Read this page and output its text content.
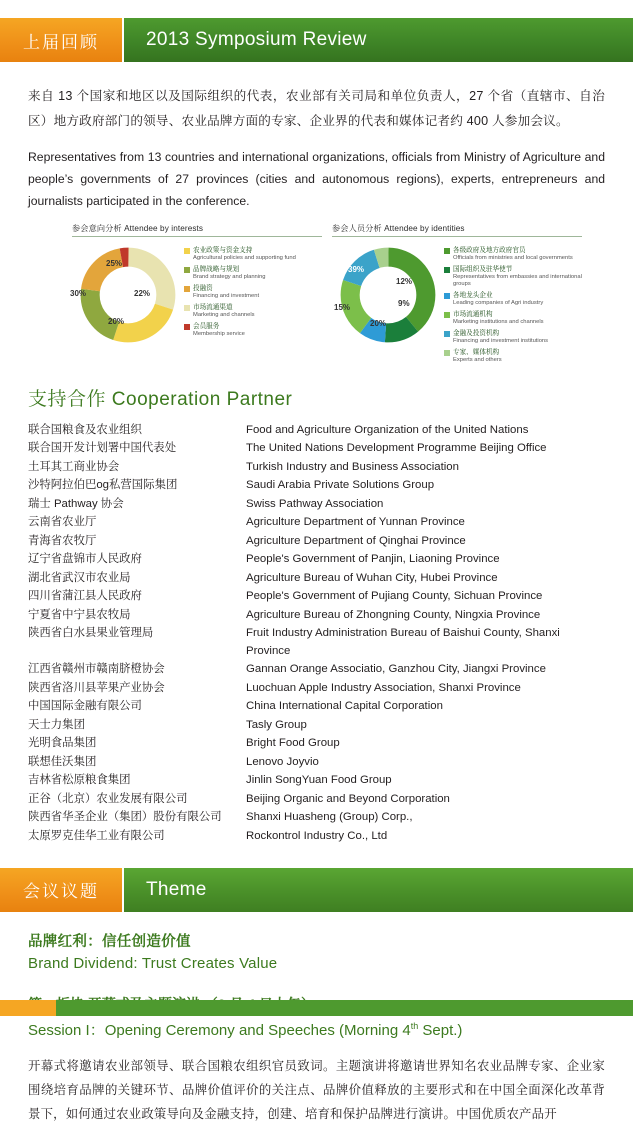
上届回顾	2013 Symposium Review

来自 13 个国家和地区以及国际组织的代表，农业部有关司局和单位负责人，27 个省（直辖市、自治区）地方政府部门的领导、农业品牌方面的专家、企业界的代表和媒体记者约 400 人参加会议。

Representatives from 13 countries and international organizations, officials from Ministry of Agriculture and people’s governments of 27 provinces (cities and autonomous regions), experts, entrepreneurs and journalists participated in the conference.

参会意向分析 Attendee by interests
25%
22%
20%
30%
农业政策与资金支持
Agricultural policies and supporting fund
品牌战略与规划
Brand strategy and planning
投融资
Financing and investment
市场流通渠道
Marketing and channels
会员服务
Membership service
参会人员分析 Attendee by identities
39%
12%
9%
20%
15%
各级政府及地方政府官员
Officials from ministries and local governments
国际组织及驻华使节
Representatives from embassies and international groups
各地龙头企业
Leading companies of Agri industry
市场流通机构
Marketing institutions and channels
金融及投资机构
Financing and investment institutions
专家、媒体机构
Experts and others
支持合作 Cooperation Partner
联合国粮食及农业组织	Food and Agriculture Organization of the United Nations
联合国开发计划署中国代表处	The United Nations Development Programme Beijing Office
土耳其工商业协会	Turkish Industry and Business Association
沙特阿拉伯巴og私营国际集团	Saudi Arabia Private Solutions Group
瑞士 Pathway 协会	Swiss Pathway Association
云南省农业厅	Agriculture Department of Yunnan Province
青海省农牧厅	Agriculture Department of Qinghai Province
辽宁省盘锦市人民政府	People's Government of Panjin, Liaoning Province
湖北省武汉市农业局	Agriculture Bureau of Wuhan City, Hubei Province
四川省蒲江县人民政府	People's Government of Pujiang County, Sichuan Province
宁夏省中宁县农牧局	Agriculture Bureau of Zhongning County, Ningxia Province
陕西省白水县果业管理局	Fruit Industry Administration Bureau of Baishui County, Shanxi Province
江西省赣州市赣南脐橙协会	Gannan Orange Associatio, Ganzhou City, Jiangxi Province
陕西省洛川县苹果产业协会	Luochuan Apple Industry Association, Shanxi Province
中国国际金融有限公司	China International Capital Corporation
天士力集团	Tasly Group
光明食品集团	Bright Food Group
联想佳沃集团	Lenovo Joyvio
吉林省松原粮食集团	Jinlin SongYuan Food Group
正谷（北京）农业发展有限公司	Beijing Organic and Beyond Corporation
陕西省华圣企业（集团）股份有限公司	Shanxi Huasheng (Group) Corp.,
太原罗克佳华工业有限公司	Rockontrol Industry Co., Ltd
会议议题	Theme
品牌红利：信任创造价值
Brand Dividend: Trust Creates Value
Session I：Opening Ceremony and Speeches (Morning 4th Sept.)

开幕式将邀请农业部领导、联合国粮农组织官员致词。主题演讲将邀请世界知名农业品牌专家、企业家围绕培育品牌的关键环节、品牌价值评价的关注点、品牌价值释放的主要形式和在中国全面深化改革背景下，如何通过农业政策导向及金融支持，创建、培育和保护品牌进行演讲。中国优质农产品开
